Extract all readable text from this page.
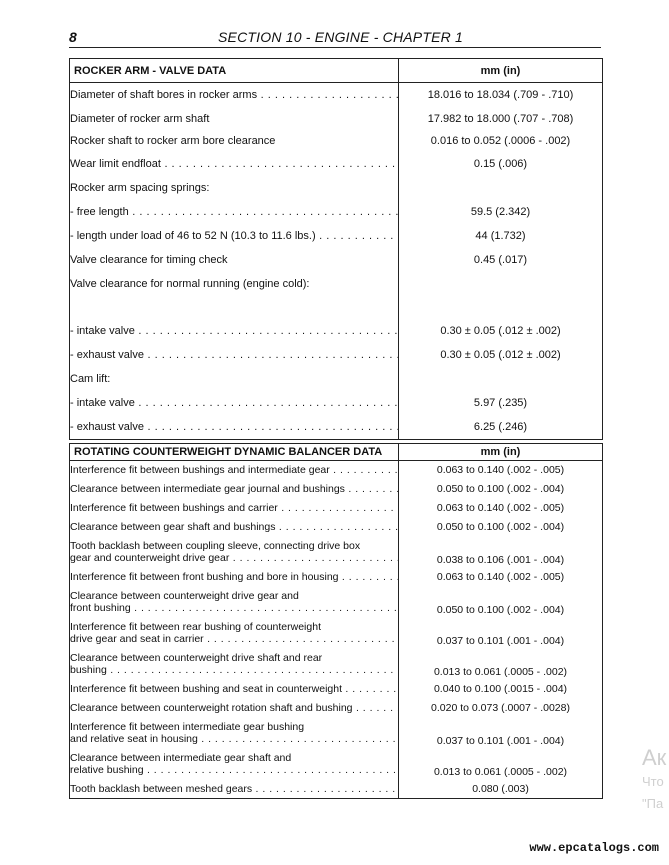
8	SECTION 10 - ENGINE - CHAPTER 1
ROCKER ARM - VALVE DATA	mm (in)

Diameter of shaft bores in rocker arms . . .	18.016 to 18.034 (.709 - .710)

Diameter of rocker arm shaft	17.982 to 18.000 (.707 - .708)

Rocker shaft to rocker arm bore clearance	0.016 to 0.052 (.0006 - .002)

Wear limit endfloat . . .	0.15 (.006)

Rocker arm spacing springs:	

- free length . . .	59.5 (2.342)

- length under load of 46 to 52 N (10.3 to 11.6 lbs.) . . .	44 (1.732)

Valve clearance for timing check	0.45 (.017)

Valve clearance for normal running (engine cold):	

- intake valve . . .	0.30 ± 0.05 (.012 ± .002)

- exhaust valve . . .	0.30 ± 0.05 (.012 ± .002)

Cam lift:	

- intake valve . . .	5.97 (.235)

- exhaust valve . . .	6.25 (.246)
ROTATING COUNTERWEIGHT DYNAMIC BALANCER DATA	mm (in)

Interference fit between bushings and intermediate gear . . .	0.063 to 0.140 (.002 - .005)

Clearance between intermediate gear journal and bushings . . .	0.050 to 0.100 (.002 - .004)

Interference fit between bushings and carrier . . .	0.063 to 0.140 (.002 - .005)

Clearance between gear shaft and bushings . . .	0.050 to 0.100 (.002 - .004)

Tooth backlash between coupling sleeve, connecting drive box
gear and counterweight drive gear . . .	0.038 to 0.106 (.001 - .004)

Interference fit between front bushing and bore in housing . . .	0.063 to 0.140 (.002 - .005)

Clearance between counterweight drive gear and
front bushing . . .	0.050 to 0.100 (.002 - .004)

Interference fit between rear bushing of counterweight
drive gear and seat in carrier . . .	0.037 to 0.101 (.001 - .004)

Clearance between counterweight drive shaft and rear
bushing . . .	0.013 to 0.061 (.0005 - .002)

Interference fit between bushing and seat in counterweight . . .	0.040 to 0.100 (.0015 - .004)

Clearance between counterweight rotation shaft and bushing . . .	0.020 to 0.073 (.0007 - .0028)

Interference fit between intermediate gear bushing
and relative seat in housing . . .	0.037 to 0.101 (.001 - .004)

Clearance between intermediate gear shaft and
relative bushing . . .	0.013 to 0.061 (.0005 - .002)

Tooth backlash between meshed gears . . .	0.080 (.003)
Ак
Что
"Па
www.epcatalogs.com
